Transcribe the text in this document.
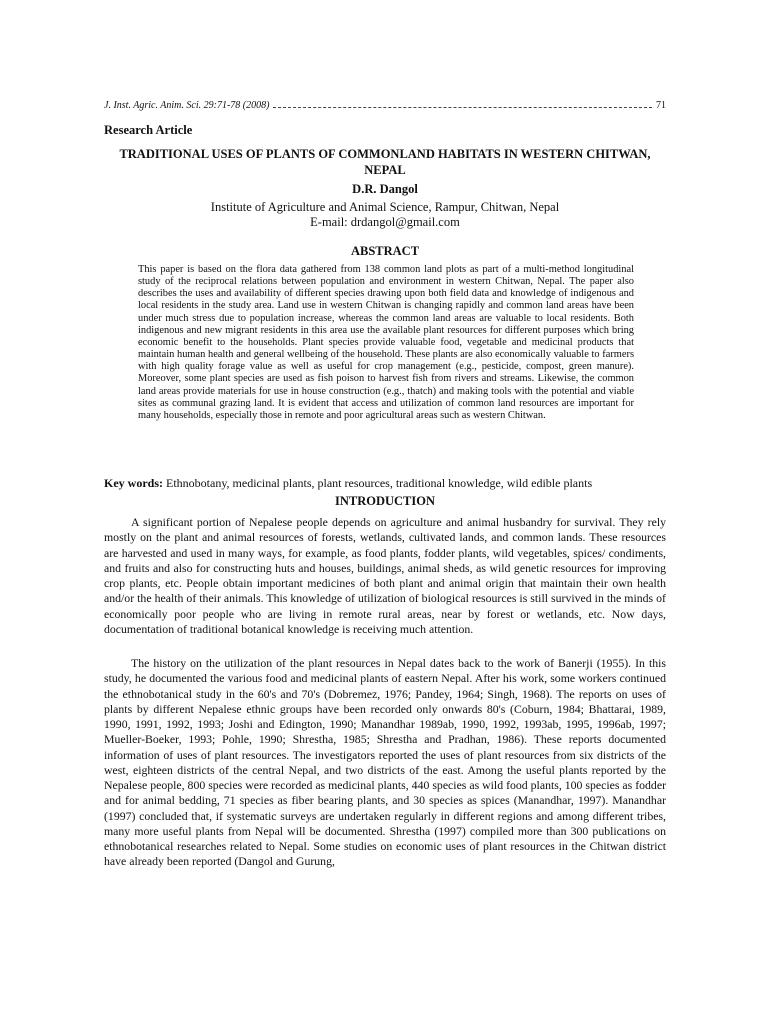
J. Inst. Agric. Anim. Sci. 29:71-78 (2008)	71
Research Article
TRADITIONAL USES OF PLANTS OF COMMONLAND HABITATS IN WESTERN CHITWAN, NEPAL
D.R. Dangol
Institute of Agriculture and Animal Science, Rampur, Chitwan, Nepal
E-mail: drdangol@gmail.com
ABSTRACT
This paper is based on the flora data gathered from 138 common land plots as part of a multi-method longitudinal study of the reciprocal relations between population and environment in western Chitwan, Nepal. The paper also describes the uses and availability of different species drawing upon both field data and knowledge of indigenous and local residents in the study area. Land use in western Chitwan is changing rapidly and common land areas have been under much stress due to population increase, whereas the common land areas are valuable to local residents. Both indigenous and new migrant residents in this area use the available plant resources for different purposes which bring economic benefit to the households. Plant species provide valuable food, vegetable and medicinal products that maintain human health and general wellbeing of the household. These plants are also economically valuable to farmers with high quality forage value as well as useful for crop management (e.g., pesticide, compost, green manure). Moreover, some plant species are used as fish poison to harvest fish from rivers and streams. Likewise, the common land areas provide materials for use in house construction (e.g., thatch) and making tools with the potential and viable sites as communal grazing land. It is evident that access and utilization of common land resources are important for many households, especially those in remote and poor agricultural areas such as western Chitwan.
Key words: Ethnobotany, medicinal plants, plant resources, traditional knowledge, wild edible plants
INTRODUCTION
A significant portion of Nepalese people depends on agriculture and animal husbandry for survival. They rely mostly on the plant and animal resources of forests, wetlands, cultivated lands, and common lands. These resources are harvested and used in many ways, for example, as food plants, fodder plants, wild vegetables, spices/ condiments, and fruits and also for constructing huts and houses, buildings, animal sheds, as wild genetic resources for improving crop plants, etc. People obtain important medicines of both plant and animal origin that maintain their own health and/or the health of their animals. This knowledge of utilization of biological resources is still survived in the minds of economically poor people who are living in remote rural areas, near by forest or wetlands, etc. Now days, documentation of traditional botanical knowledge is receiving much attention.
The history on the utilization of the plant resources in Nepal dates back to the work of Banerji (1955). In this study, he documented the various food and medicinal plants of eastern Nepal. After his work, some workers continued the ethnobotanical study in the 60's and 70's (Dobremez, 1976; Pandey, 1964; Singh, 1968). The reports on uses of plants by different Nepalese ethnic groups have been recorded only onwards 80's (Coburn, 1984; Bhattarai, 1989, 1990, 1991, 1992, 1993; Joshi and Edington, 1990; Manandhar 1989ab, 1990, 1992, 1993ab, 1995, 1996ab, 1997; Mueller-Boeker, 1993; Pohle, 1990; Shrestha, 1985; Shrestha and Pradhan, 1986). These reports documented information of uses of plant resources. The investigators reported the uses of plant resources from six districts of the west, eighteen districts of the central Nepal, and two districts of the east. Among the useful plants reported by the Nepalese people, 800 species were recorded as medicinal plants, 440 species as wild food plants, 100 species as fodder and for animal bedding, 71 species as fiber bearing plants, and 30 species as spices (Manandhar, 1997). Manandhar (1997) concluded that, if systematic surveys are undertaken regularly in different regions and among different tribes, many more useful plants from Nepal will be documented. Shrestha (1997) compiled more than 300 publications on ethnobotanical researches related to Nepal. Some studies on economic uses of plant resources in the Chitwan district have already been reported (Dangol and Gurung,
